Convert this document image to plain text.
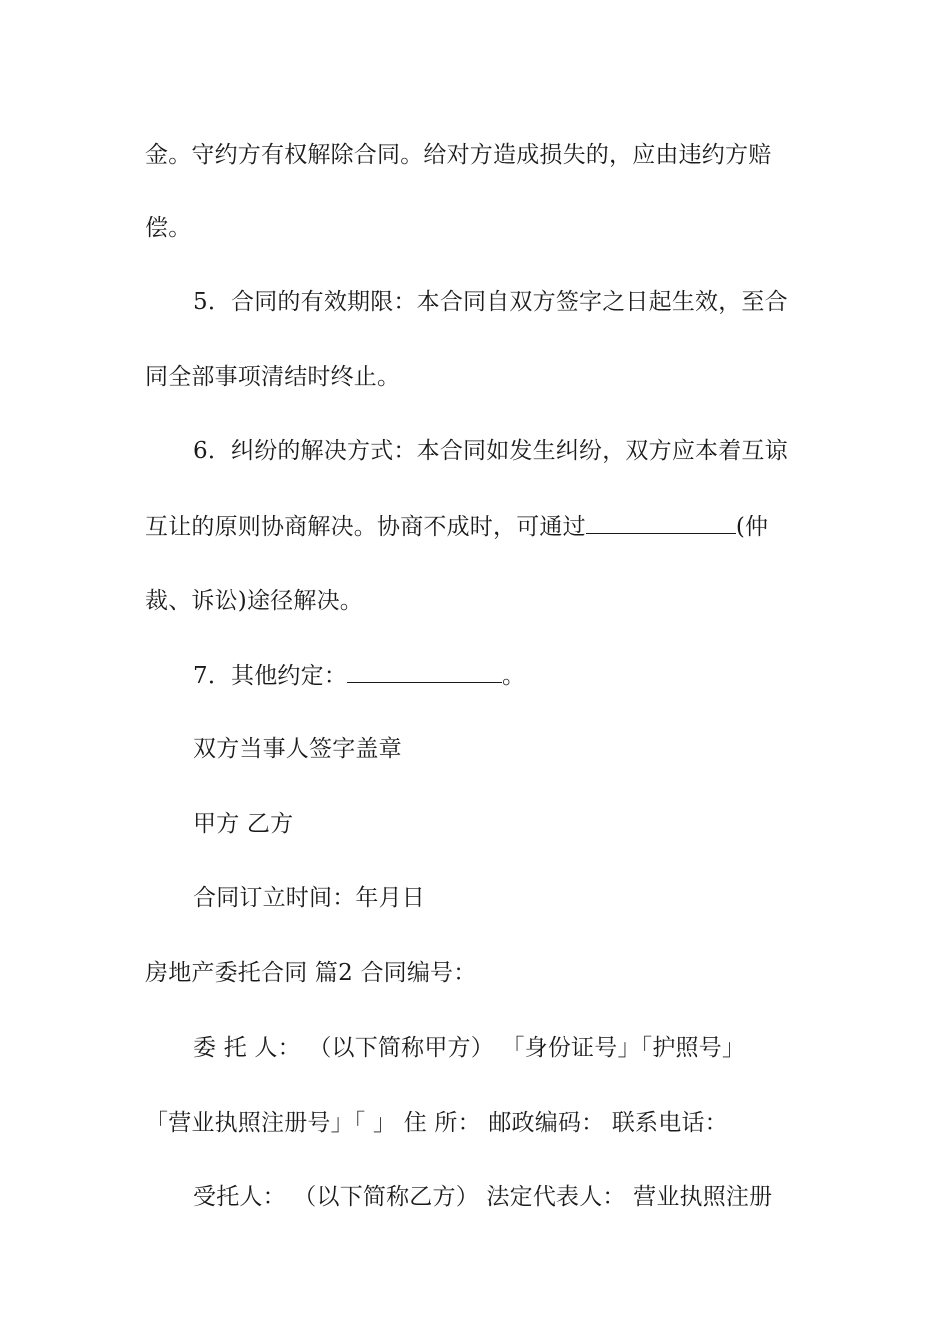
金。守约方有权解除合同。给对方造成损失的，应由违约方赔
偿。
5．合同的有效期限：本合同自双方签字之日起生效，至合
同全部事项清结时终止。
6．纠纷的解决方式：本合同如发生纠纷，双方应本着互谅
互让的原则协商解决。协商不成时，可通过	(仲
裁、诉讼)途径解决。
7．其他约定：	。
双方当事人签字盖章
甲方 乙方
合同订立时间：年月日
房地产委托合同 篇2 合同编号：
委 托 人： （以下简称甲方） 「身份证号」「护照号」
「营业执照注册号」「 」 住 所： 邮政编码： 联系电话：
受托人： （以下简称乙方） 法定代表人： 营业执照注册
